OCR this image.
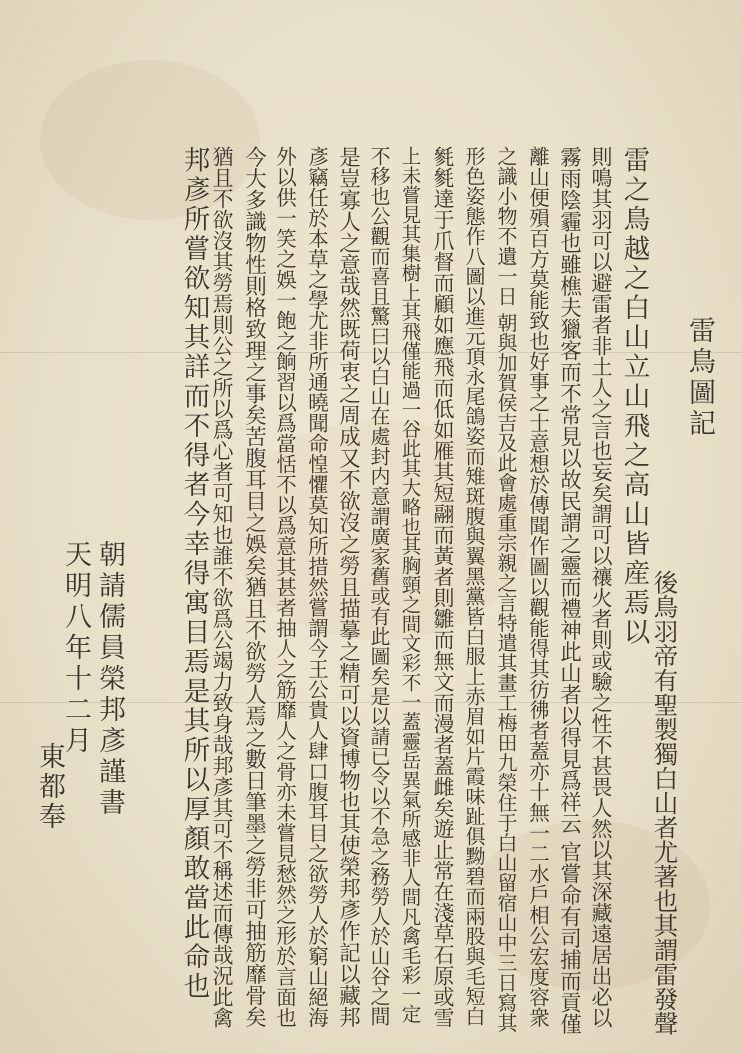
雷鳥圖記
後鳥羽帝有聖製獨白山者尤著也其謂雷發聲
雷之鳥越之白山立山飛之高山皆産焉以
則鳴其羽可以避雷者非土人之言也妄矣謂可以禳火者則或驗之性不甚畏人然以其深藏遠居出必以
霧雨陰霾也雖樵夫獵客而不常見以故民謂之靈而禮神此山者以得見爲祥云 官嘗命有司捕而貢僅
離山便殞百方莫能致也好事之士意想於傳聞作圖以觀能得其彷彿者蓋亦十無一二水戶相公宏度容衆
之識小物不遺一日 朝與加賀侯吉及此會處重宗親之言特遣其畫工梅田九榮住于白山留宿山中三日寫其
形色姿態作八圖以進元頂永尾鴿姿而雉斑腹與翼黑黨皆白服上赤眉如片霞味趾俱黝碧而兩股與毛短白
毿毿達于爪督而顧如應飛而低如雁其短翮而黃者則雛而無文而漫者蓋雌矣遊止常在淺草石原或雪
上未嘗見其集樹上其飛僅能過一谷此其大略也其胸頸之間文彩不一蓋靈岳異氣所感非人間凡禽毛彩一定
不移也公觀而喜且驚曰以白山在處封内意謂廣家舊或有此圖矣是以請已令以不急之務勞人於山谷之間
是豈寡人之意哉然既荷衷之周成又不欲沒之勞且描摹之精可以資博物也其使榮邦彥作記以藏邦
彥竊任於本草之學尤非所通曉聞命惶懼莫知所措然嘗謂今王公貴人肆口腹耳目之欲勞人於窮山絕海
外以供一笑之娛一飽之餉習以爲當恬不以爲意其甚者抽人之筋靡人之骨亦未嘗見愁然之形於言面也
今大多識物性則格致理之事矣苦腹耳目之娛矣猶且不欲勞人焉之數日筆墨之勞非可抽筋靡骨矣
猶且不欲沒其勞焉則公之所以爲心者可知也誰不欲爲公竭力致身哉邦彥其可不稱述而傳哉況此禽
邦彥所嘗欲知其詳而不得者今幸得寓目焉是其所以厚顏敢當此命也
天明八年十二月
東都奉 朝請儒員榮邦彥謹書
